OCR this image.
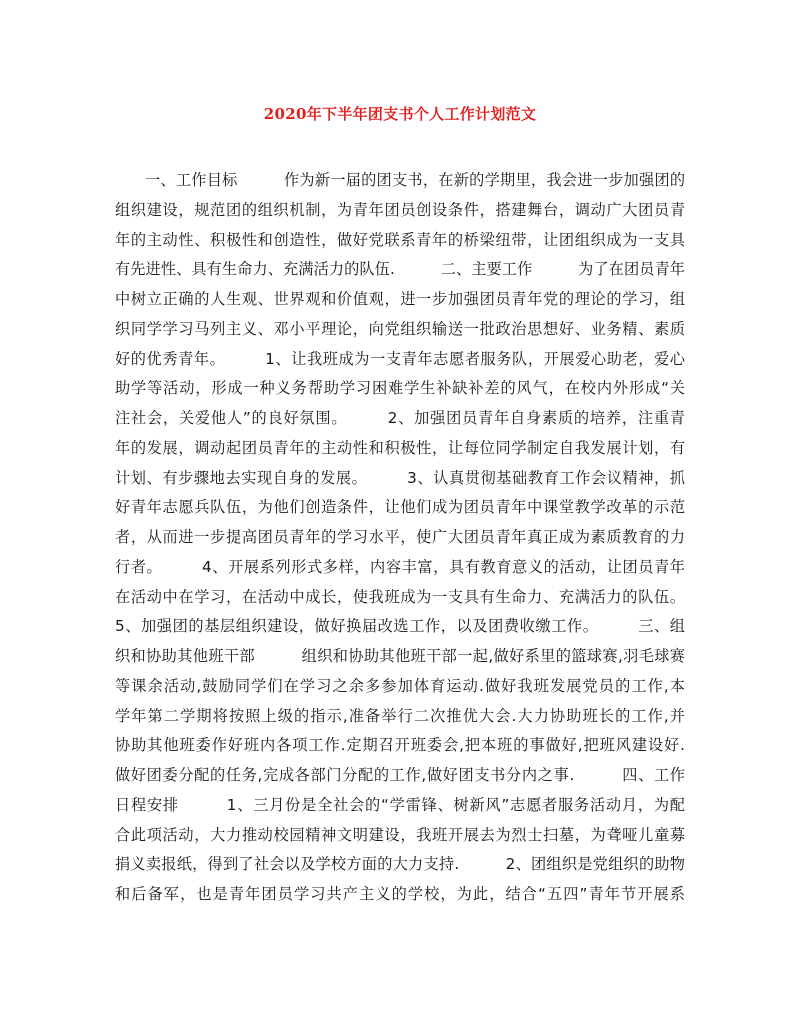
2020年下半年团支书个人工作计划范文
一、工作目标　　　作为新一届的团支书，在新的学期里，我会进一步加强团的
组织建设，规范团的组织机制，为青年团员创设条件，搭建舞台，调动广大团员青
年的主动性、积极性和创造性，做好党联系青年的桥梁纽带，让团组织成为一支具
有先进性、具有生命力、充满活力的队伍.　　　二、主要工作　　　为了在团员青年
中树立正确的人生观、世界观和价值观，进一步加强团员青年党的理论的学习，组
织同学学习马列主义、邓小平理论，向党组织输送一批政治思想好、业务精、素质
好的优秀青年。　　　1、让我班成为一支青年志愿者服务队，开展爱心助老，爱心
助学等活动，形成一种义务帮助学习困难学生补缺补差的风气，在校内外形成“关
注社会，关爱他人”的良好氛围。　　　2、加强团员青年自身素质的培养，注重青
年的发展，调动起团员青年的主动性和积极性，让每位同学制定自我发展计划，有
计划、有步骤地去实现自身的发展。　　　3、认真贯彻基础教育工作会议精神，抓
好青年志愿兵队伍，为他们创造条件，让他们成为团员青年中课堂教学改革的示范
者，从而进一步提高团员青年的学习水平，使广大团员青年真正成为素质教育的力
行者。　　　4、开展系列形式多样，内容丰富，具有教育意义的活动，让团员青年
在活动中在学习，在活动中成长，使我班成为一支具有生命力、充满活力的队伍。
5、加强团的基层组织建设，做好换届改选工作，以及团费收缴工作。　　　三、组
织和协助其他班干部　　　组织和协助其他班干部一起,做好系里的篮球赛,羽毛球赛
等课余活动,鼓励同学们在学习之余多参加体育运动.做好我班发展党员的工作,本
学年第二学期将按照上级的指示,准备举行二次推优大会.大力协助班长的工作,并
协助其他班委作好班内各项工作.定期召开班委会,把本班的事做好,把班风建设好.
做好团委分配的任务,完成各部门分配的工作,做好团支书分内之事.　　　四、工作
日程安排　　　1、三月份是全社会的“学雷锋、树新风”志愿者服务活动月，为配
合此项活动，大力推动校园精神文明建设，我班开展去为烈士扫墓，为聋哑儿童募
捐义卖报纸，得到了社会以及学校方面的大力支持.　　　2、团组织是党组织的助物
和后备军，也是青年团员学习共产主义的学校，为此，结合“五四”青年节开展系
